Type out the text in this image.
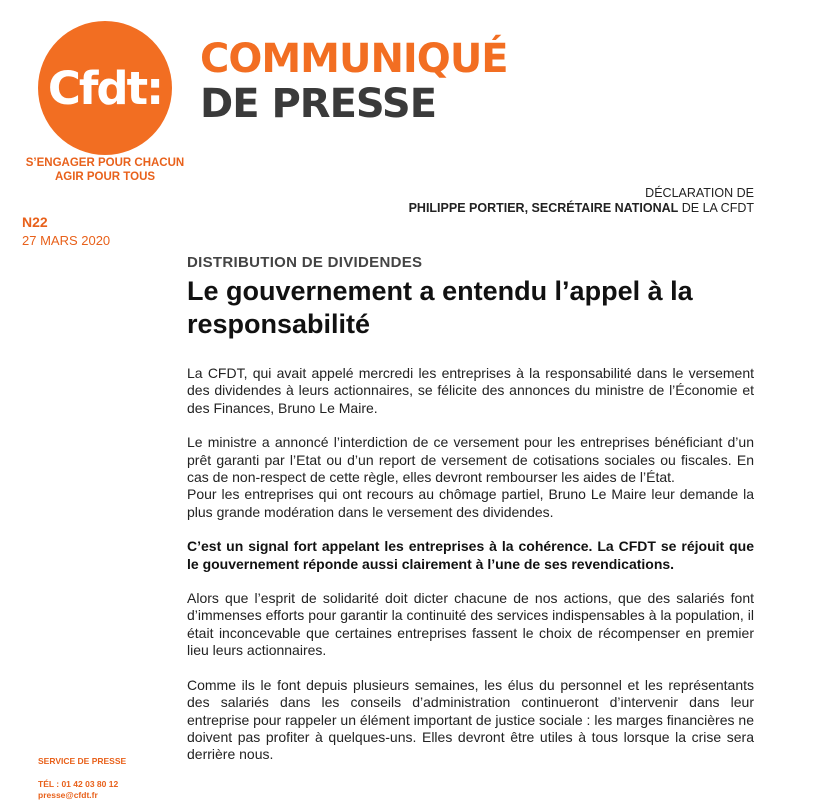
Cfdt:
S’ENGAGER POUR CHACUN
AGIR POUR TOUS
COMMUNIQUÉ
DE PRESSE
DÉCLARATION DE
PHILIPPE PORTIER, SECRÉTAIRE NATIONAL DE LA CFDT
N22
27 MARS 2020
DISTRIBUTION DE DIVIDENDES
Le gouvernement a entendu l’appel à la responsabilité

La CFDT, qui avait appelé mercredi les entreprises à la responsabilité dans le versement des dividendes à leurs actionnaires, se félicite des annonces du ministre de l’Économie et des Finances, Bruno Le Maire.

Le ministre a annoncé l’interdiction de ce versement pour les entreprises bénéficiant d’un prêt garanti par l’Etat ou d’un report de versement de cotisations sociales ou fiscales. En cas de non-respect de cette règle, elles devront rembourser les aides de l’État.

Pour les entreprises qui ont recours au chômage partiel, Bruno Le Maire leur demande la plus grande modération dans le versement des dividendes.

C’est un signal fort appelant les entreprises à la cohérence. La CFDT se réjouit que le gouvernement réponde aussi clairement à l’une de ses revendications.

Alors que l’esprit de solidarité doit dicter chacune de nos actions, que des salariés font d’immenses efforts pour garantir la continuité des services indispensables à la population, il était inconcevable que certaines entreprises fassent le choix de récompenser en premier lieu leurs actionnaires.

Comme ils le font depuis plusieurs semaines, les élus du personnel et les représentants des salariés dans les conseils d’administration continueront d’intervenir dans leur entreprise pour rappeler un élément important de justice sociale : les marges financières ne doivent pas profiter à quelques-uns. Elles devront être utiles à tous lorsque la crise sera derrière nous.

SERVICE DE PRESSE
TÉL : 01 42 03 80 12
presse@cfdt.fr
